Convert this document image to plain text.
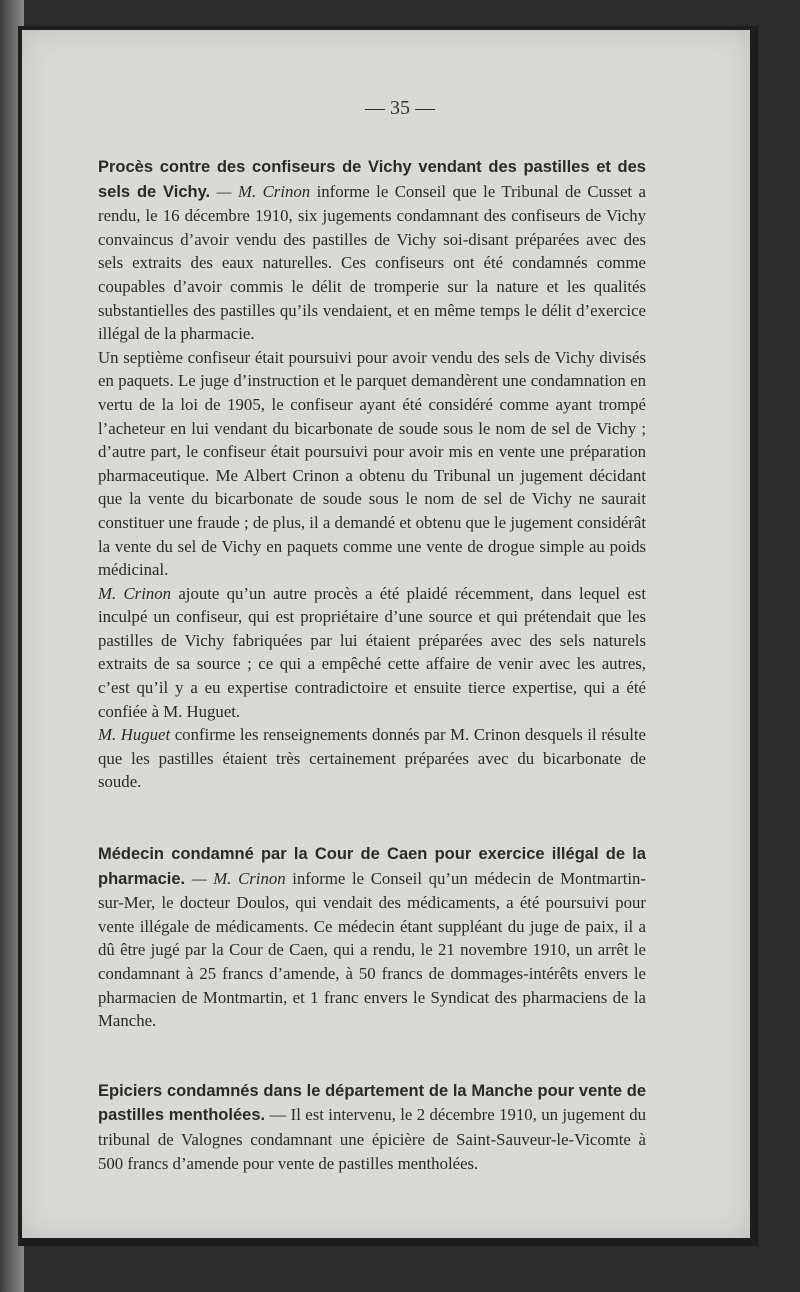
— 35 —

Procès contre des confiseurs de Vichy vendant des pastilles et des sels de Vichy. — M. Crinon informe le Conseil que le Tribunal de Cusset a rendu, le 16 décembre 1910, six jugements condamnant des confiseurs de Vichy convaincus d’avoir vendu des pastilles de Vichy soi-disant préparées avec des sels extraits des eaux naturelles. Ces confiseurs ont été condamnés comme coupables d’avoir commis le délit de tromperie sur la nature et les qualités substantielles des pastilles qu’ils vendaient, et en même temps le délit d’exercice illégal de la pharmacie.

Un septième confiseur était poursuivi pour avoir vendu des sels de Vichy divisés en paquets. Le juge d’instruction et le parquet demandèrent une condamnation en vertu de la loi de 1905, le confiseur ayant été considéré comme ayant trompé l’acheteur en lui vendant du bicarbonate de soude sous le nom de sel de Vichy ; d’autre part, le confiseur était poursuivi pour avoir mis en vente une préparation pharmaceutique. Me Albert Crinon a obtenu du Tribunal un jugement décidant que la vente du bicarbonate de soude sous le nom de sel de Vichy ne saurait constituer une fraude ; de plus, il a demandé et obtenu que le jugement considérât la vente du sel de Vichy en paquets comme une vente de drogue simple au poids médicinal.

M. Crinon ajoute qu’un autre procès a été plaidé récemment, dans lequel est inculpé un confiseur, qui est propriétaire d’une source et qui prétendait que les pastilles de Vichy fabriquées par lui étaient préparées avec des sels naturels extraits de sa source ; ce qui a empêché cette affaire de venir avec les autres, c’est qu’il y a eu expertise contradictoire et ensuite tierce expertise, qui a été confiée à M. Huguet.

M. Huguet confirme les renseignements donnés par M. Crinon desquels il résulte que les pastilles étaient très certainement préparées avec du bicarbonate de soude.

Médecin condamné par la Cour de Caen pour exercice illégal de la pharmacie. — M. Crinon informe le Conseil qu’un médecin de Montmartin-sur-Mer, le docteur Doulos, qui vendait des médicaments, a été poursuivi pour vente illégale de médicaments. Ce médecin étant suppléant du juge de paix, il a dû être jugé par la Cour de Caen, qui a rendu, le 21 novembre 1910, un arrêt le condamnant à 25 francs d’amende, à 50 francs de dommages-intérêts envers le pharmacien de Montmartin, et 1 franc envers le Syndicat des pharmaciens de la Manche.

Epiciers condamnés dans le département de la Manche pour vente de pastilles mentholées. — Il est intervenu, le 2 décembre 1910, un jugement du tribunal de Valognes condamnant une épicière de Saint-Sauveur-le-Vicomte à 500 francs d’amende pour vente de pastilles mentholées.
